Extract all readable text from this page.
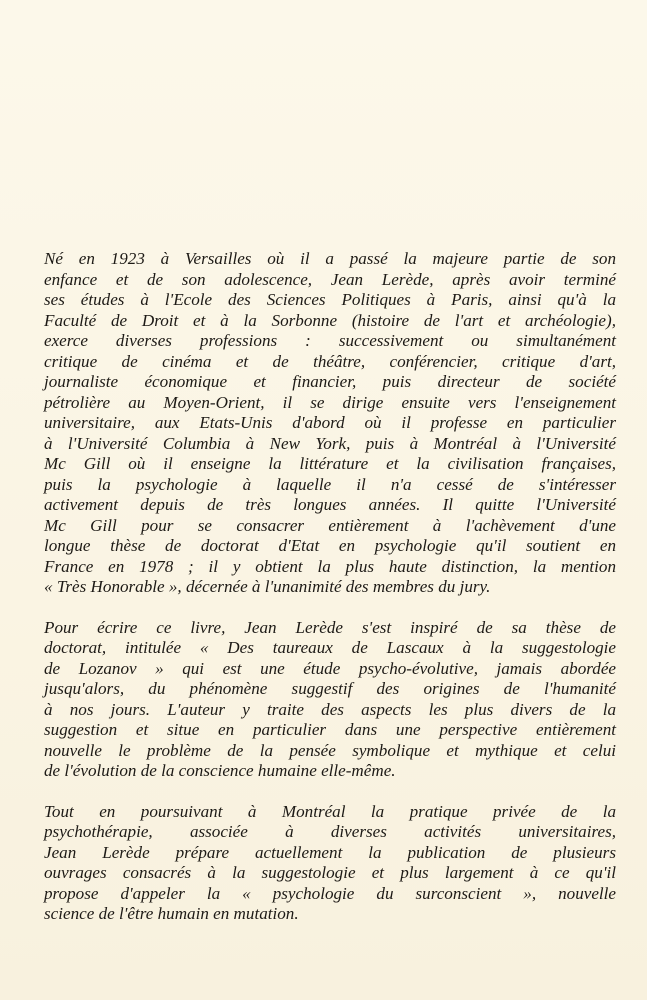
Né en 1923 à Versailles où il a passé la majeure partie de son
enfance et de son adolescence, Jean Lerède, après avoir terminé
ses études à l'Ecole des Sciences Politiques à Paris, ainsi qu'à la
Faculté de Droit et à la Sorbonne (histoire de l'art et archéologie),
exerce diverses professions : successivement ou simultanément
critique de cinéma et de théâtre, conférencier, critique d'art,
journaliste économique et financier, puis directeur de société
pétrolière au Moyen-Orient, il se dirige ensuite vers l'enseignement
universitaire, aux Etats-Unis d'abord où il professe en particulier
à l'Université Columbia à New York, puis à Montréal à l'Université
Mc Gill où il enseigne la littérature et la civilisation françaises,
puis la psychologie à laquelle il n'a cessé de s'intéresser
activement depuis de très longues années. Il quitte l'Université
Mc Gill pour se consacrer entièrement à l'achèvement d'une
longue thèse de doctorat d'Etat en psychologie qu'il soutient en
France en 1978 ; il y obtient la plus haute distinction, la mention
« Très Honorable », décernée à l'unanimité des membres du jury.

Pour écrire ce livre, Jean Lerède s'est inspiré de sa thèse de
doctorat, intitulée « Des taureaux de Lascaux à la suggestologie
de Lozanov » qui est une étude psycho-évolutive, jamais abordée
jusqu'alors, du phénomène suggestif des origines de l'humanité
à nos jours. L'auteur y traite des aspects les plus divers de la
suggestion et situe en particulier dans une perspective entièrement
nouvelle le problème de la pensée symbolique et mythique et celui
de l'évolution de la conscience humaine elle-même.

Tout en poursuivant à Montréal la pratique privée de la
psychothérapie, associée à diverses activités universitaires,
Jean Lerède prépare actuellement la publication de plusieurs
ouvrages consacrés à la suggestologie et plus largement à ce qu'il
propose d'appeler la « psychologie du surconscient », nouvelle
science de l'être humain en mutation.
